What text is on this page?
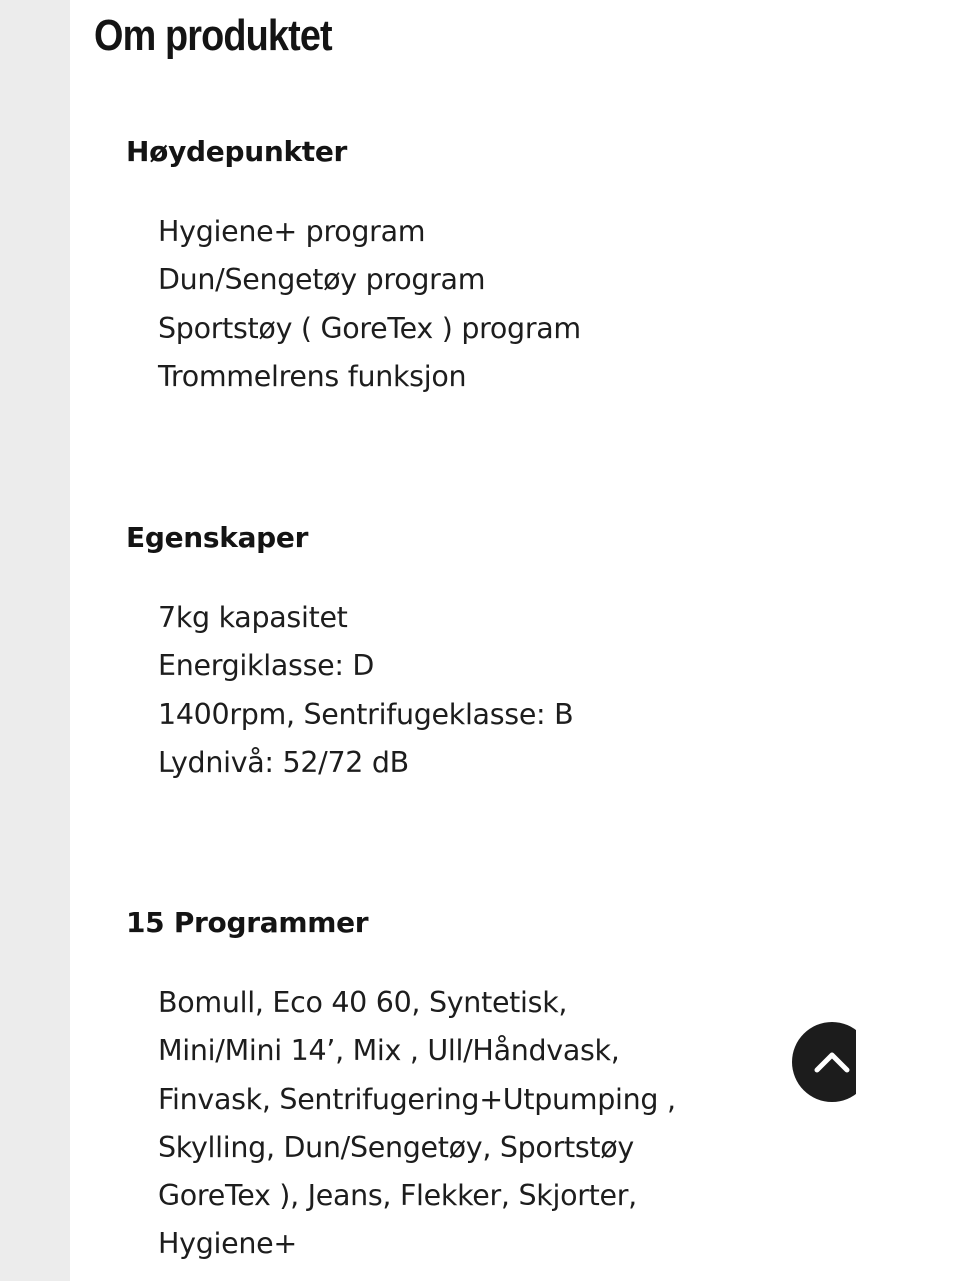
Om produktet
Høydepunkter
Hygiene+ program
Dun/Sengetøy program
Sportstøy ( GoreTex ) program
Trommelrens funksjon
Egenskaper
7kg kapasitet
Energiklasse: D
1400rpm, Sentrifugeklasse: B
Lydnivå: 52/72 dB
15 Programmer
Bomull, Eco 40 60, Syntetisk,
Mini/Mini 14’, Mix , Ull/Håndvask,
Finvask, Sentrifugering+Utpumping ,
Skylling, Dun/Sengetøy, Sportstøy
GoreTex ), Jeans, Flekker, Skjorter,
Hygiene+
